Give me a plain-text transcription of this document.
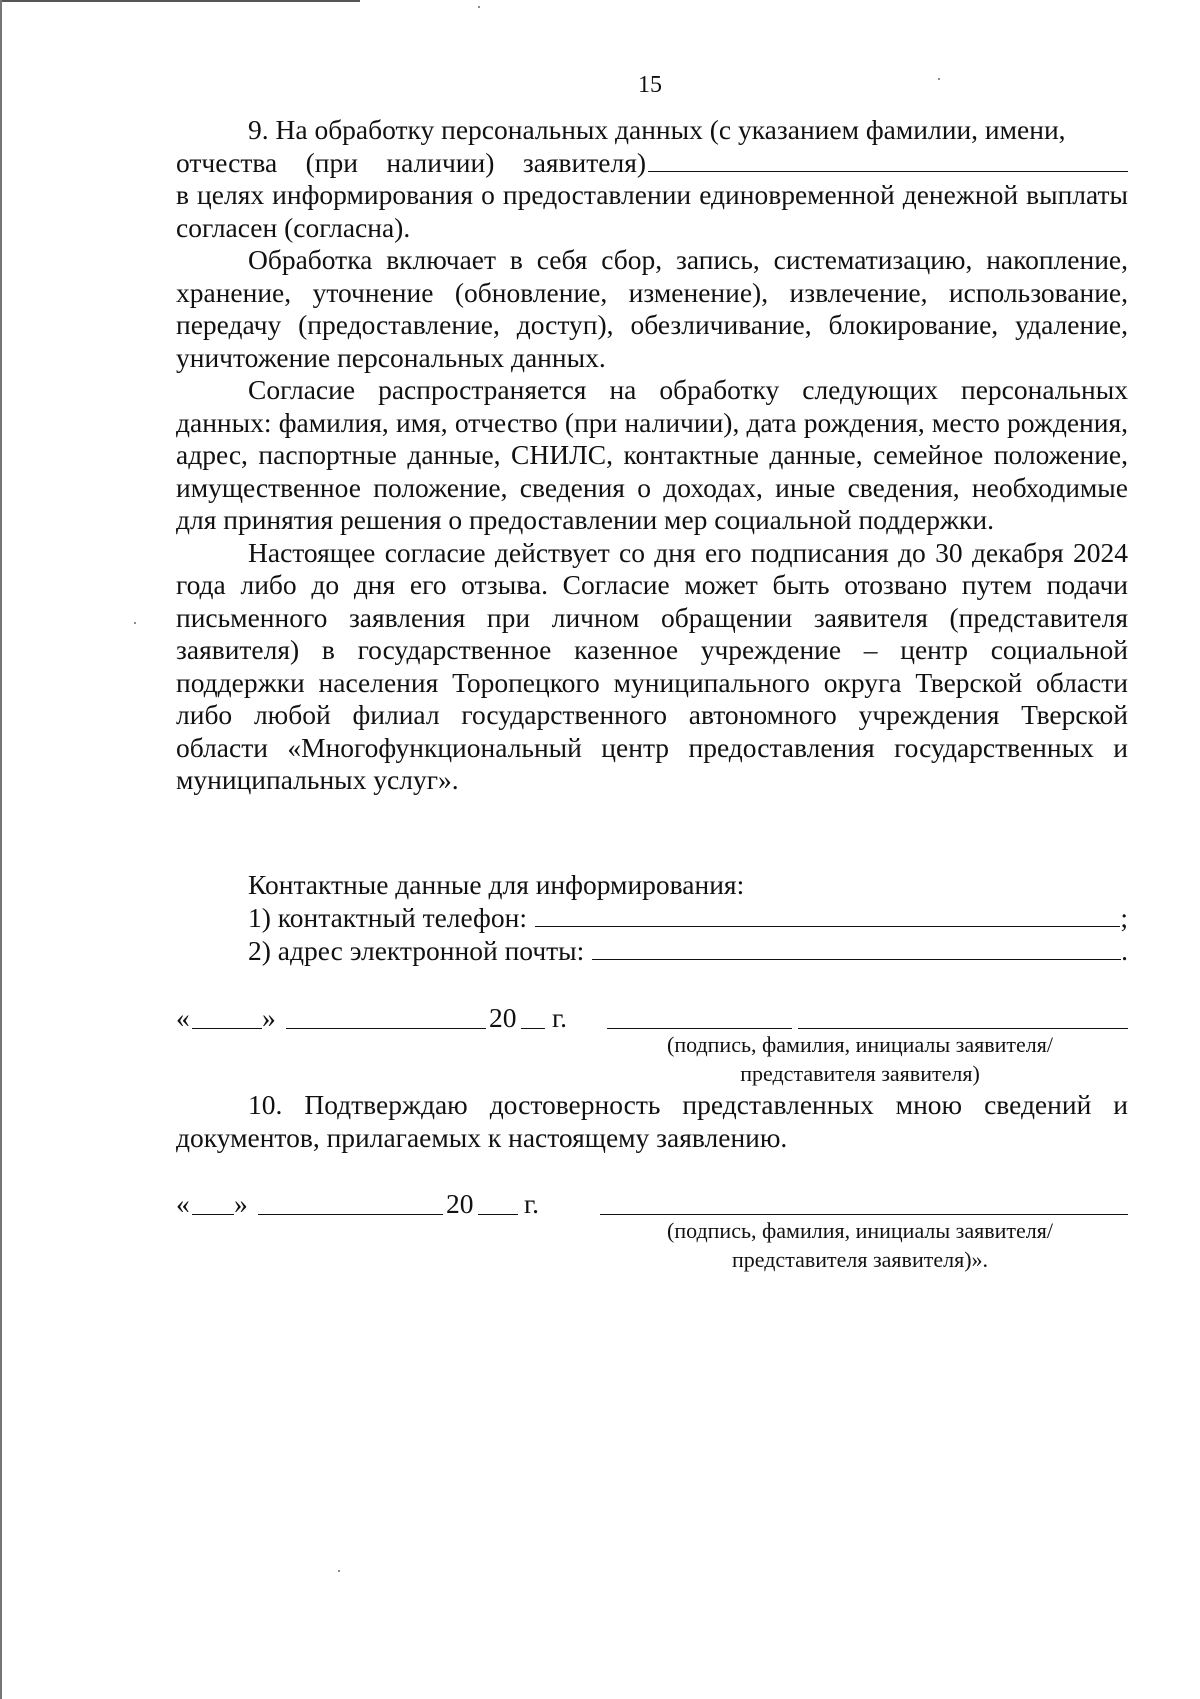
15

9. На обработку персональных данных (с указанием фамилии, имени,

отчества (при наличии) заявителя)

в целях информирования о предоставлении единовременной денежной выплаты согласен (согласна).

Обработка включает в себя сбор, запись, систематизацию, накопление, хранение, уточнение (обновление, изменение), извлечение, использование, передачу (предоставление, доступ), обезличивание, блокирование, удаление, уничтожение персональных данных.

Согласие распространяется на обработку следующих персональных данных: фамилия, имя, отчество (при наличии), дата рождения, место рождения, адрес, паспортные данные, СНИЛС, контактные данные, семейное положение, имущественное положение, сведения о доходах, иные сведения, необходимые для принятия решения о предоставлении мер социальной поддержки.

Настоящее согласие действует со дня его подписания до 30 декабря 2024 года либо до дня его отзыва. Согласие может быть отозвано путем подачи письменного заявления при личном обращении заявителя (представителя заявителя) в государственное казенное учреждение – центр социальной поддержки населения Торопецкого муниципального округа Тверской области либо любой филиал государственного автономного учреждения Тверской области «Многофункциональный центр предоставления государственных и муниципальных услуг».

Контактные данные для информирования:
1) контактный телефон:	;
2) адрес электронной почты:	.
«	»	20 г.
(подпись, фамилия, инициалы заявителя/
представителя заявителя)

10. Подтверждаю достоверность представленных мною сведений и документов, прилагаемых к настоящему заявлению.

« »	20 г.
(подпись, фамилия, инициалы заявителя/
представителя заявителя)».
